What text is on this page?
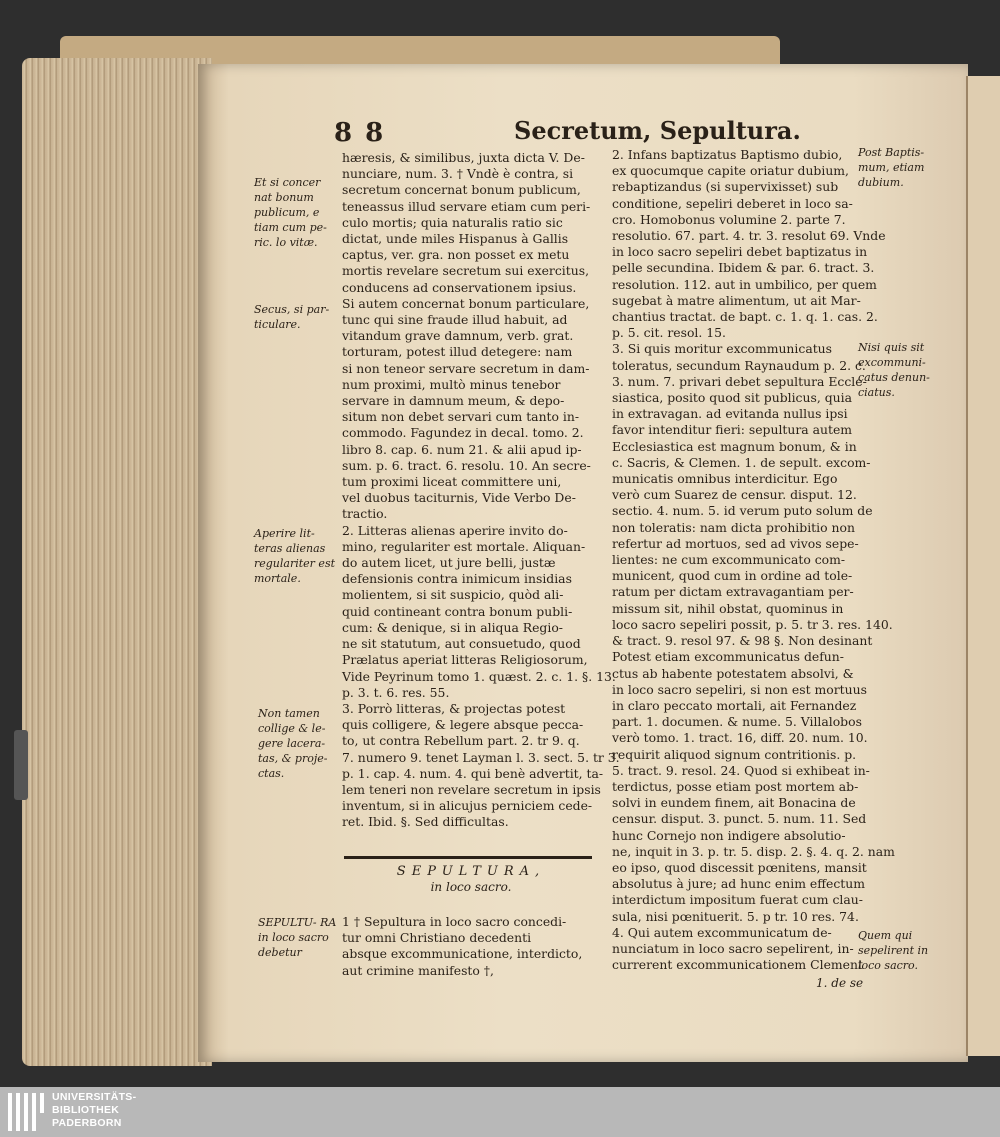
8 8	Secretum, Sepultura.
Et si concer nat bonum publicum, e tiam cum pe- ric. lo vitæ.
Secus, si par- ticulare.
Aperire lit- teras alienas regulariter est mortale.
Non tamen collige & le- gere lacera- tas, & proje- ctas.
SEPULTU- RA in loco sacro debetur
hæresis, & similibus, juxta dicta V. De-
nunciare, num. 3. † Vndè è contra, si
secretum concernat bonum publicum,
teneassus illud servare etiam cum peri-
culo mortis; quia naturalis ratio sic
dictat, unde miles Hispanus à Gallis
captus, ver. gra. non posset ex metu
mortis revelare secretum sui exercitus,
conducens ad conservationem ipsius.
Si autem concernat bonum particulare,
tunc qui sine fraude illud habuit, ad
vitandum grave damnum, verb. grat.
torturam, potest illud detegere: nam
si non teneor servare secretum in dam-
num proximi, multò minus tenebor
servare in damnum meum, & depo-
situm non debet servari cum tanto in-
commodo. Fagundez in decal. tomo. 2.
libro 8. cap. 6. num 21. & alii apud ip-
sum. p. 6. tract. 6. resolu. 10. An secre-
tum proximi liceat committere uni,
vel duobus taciturnis, Vide Verbo De-
tractio.
2. Litteras alienas aperire invito do-
mino, regulariter est mortale. Aliquan-
do autem licet, ut jure belli, justæ
defensionis contra inimicum insidias
molientem, si sit suspicio, quòd ali-
quid contineant contra bonum publi-
cum: & denique, si in aliqua Regio-
ne sit statutum, aut consuetudo, quod
Prælatus aperiat litteras Religiosorum,
Vide Peyrinum tomo 1. quæst. 2. c. 1. §. 13.
p. 3. t. 6. res. 55.
3. Porrò litteras, & projectas potest
quis colligere, & legere absque pecca-
to, ut contra Rebellum part. 2. tr 9. q.
7. numero 9. tenet Layman l. 3. sect. 5. tr 3.
p. 1. cap. 4. num. 4. qui benè advertit, ta-
lem teneri non revelare secretum in ipsis
inventum, si in alicujus perniciem cede-
ret. Ibid. §. Sed difficultas.
SEPULTURA,
in loco sacro.
1 † Sepultura in loco sacro concedi-
tur omni Christiano decedenti
absque excommunicatione, interdicto,
aut crimine manifesto †,
2. Infans baptizatus Baptismo dubio,
ex quocumque capite oriatur dubium,
rebaptizandus (si supervixisset) sub
conditione, sepeliri deberet in loco sa-
cro. Homobonus volumine 2. parte 7.
resolutio. 67. part. 4. tr. 3. resolut 69. Vnde
in loco sacro sepeliri debet baptizatus in
pelle secundina. Ibidem & par. 6. tract. 3.
resolution. 112. aut in umbilico, per quem
sugebat à matre alimentum, ut ait Mar-
chantius tractat. de bapt. c. 1. q. 1. cas. 2.
p. 5. cit. resol. 15.
3. Si quis moritur excommunicatus
toleratus, secundum Raynaudum p. 2. c.
3. num. 7. privari debet sepultura Eccle-
siastica, posito quod sit publicus, quia
in extravagan. ad evitanda nullus ipsi
favor intenditur fieri: sepultura autem
Ecclesiastica est magnum bonum, & in
c. Sacris, & Clemen. 1. de sepult. excom-
municatis omnibus interdicitur. Ego
verò cum Suarez de censur. disput. 12.
sectio. 4. num. 5. id verum puto solum de
non toleratis: nam dicta prohibitio non
refertur ad mortuos, sed ad vivos sepe-
lientes: ne cum excommunicato com-
municent, quod cum in ordine ad tole-
ratum per dictam extravagantiam per-
missum sit, nihil obstat, quominus in
loco sacro sepeliri possit, p. 5. tr 3. res. 140.
& tract. 9. resol 97. & 98 §. Non desinant
Potest etiam excommunicatus defun-
ctus ab habente potestatem absolvi, &
in loco sacro sepeliri, si non est mortuus
in claro peccato mortali, ait Fernandez
part. 1. documen. & nume. 5. Villalobos
verò tomo. 1. tract. 16, diff. 20. num. 10.
requirit aliquod signum contritionis. p.
5. tract. 9. resol. 24. Quod si exhibeat in-
terdictus, posse etiam post mortem ab-
solvi in eundem finem, ait Bonacina de
censur. disput. 3. punct. 5. num. 11. Sed
hunc Cornejo non indigere absolutio-
ne, inquit in 3. p. tr. 5. disp. 2. §. 4. q. 2. nam
eo ipso, quod discessit pœnitens, mansit
absolutus à jure; ad hunc enim effectum
interdictum impositum fuerat cum clau-
sula, nisi pœnituerit. 5. p tr. 10 res. 74.
4. Qui autem excommunicatum de-
nunciatum in loco sacro sepelirent, in-
currerent excommunicationem Clement
Post Baptis- mum, etiam dubium.
Nisi quis sit excommuni- catus denun- ciatus.
Quem qui sepelirent in loco sacro.
1. de se
UNIVERSITÄTS-
BIBLIOTHEK
PADERBORN
